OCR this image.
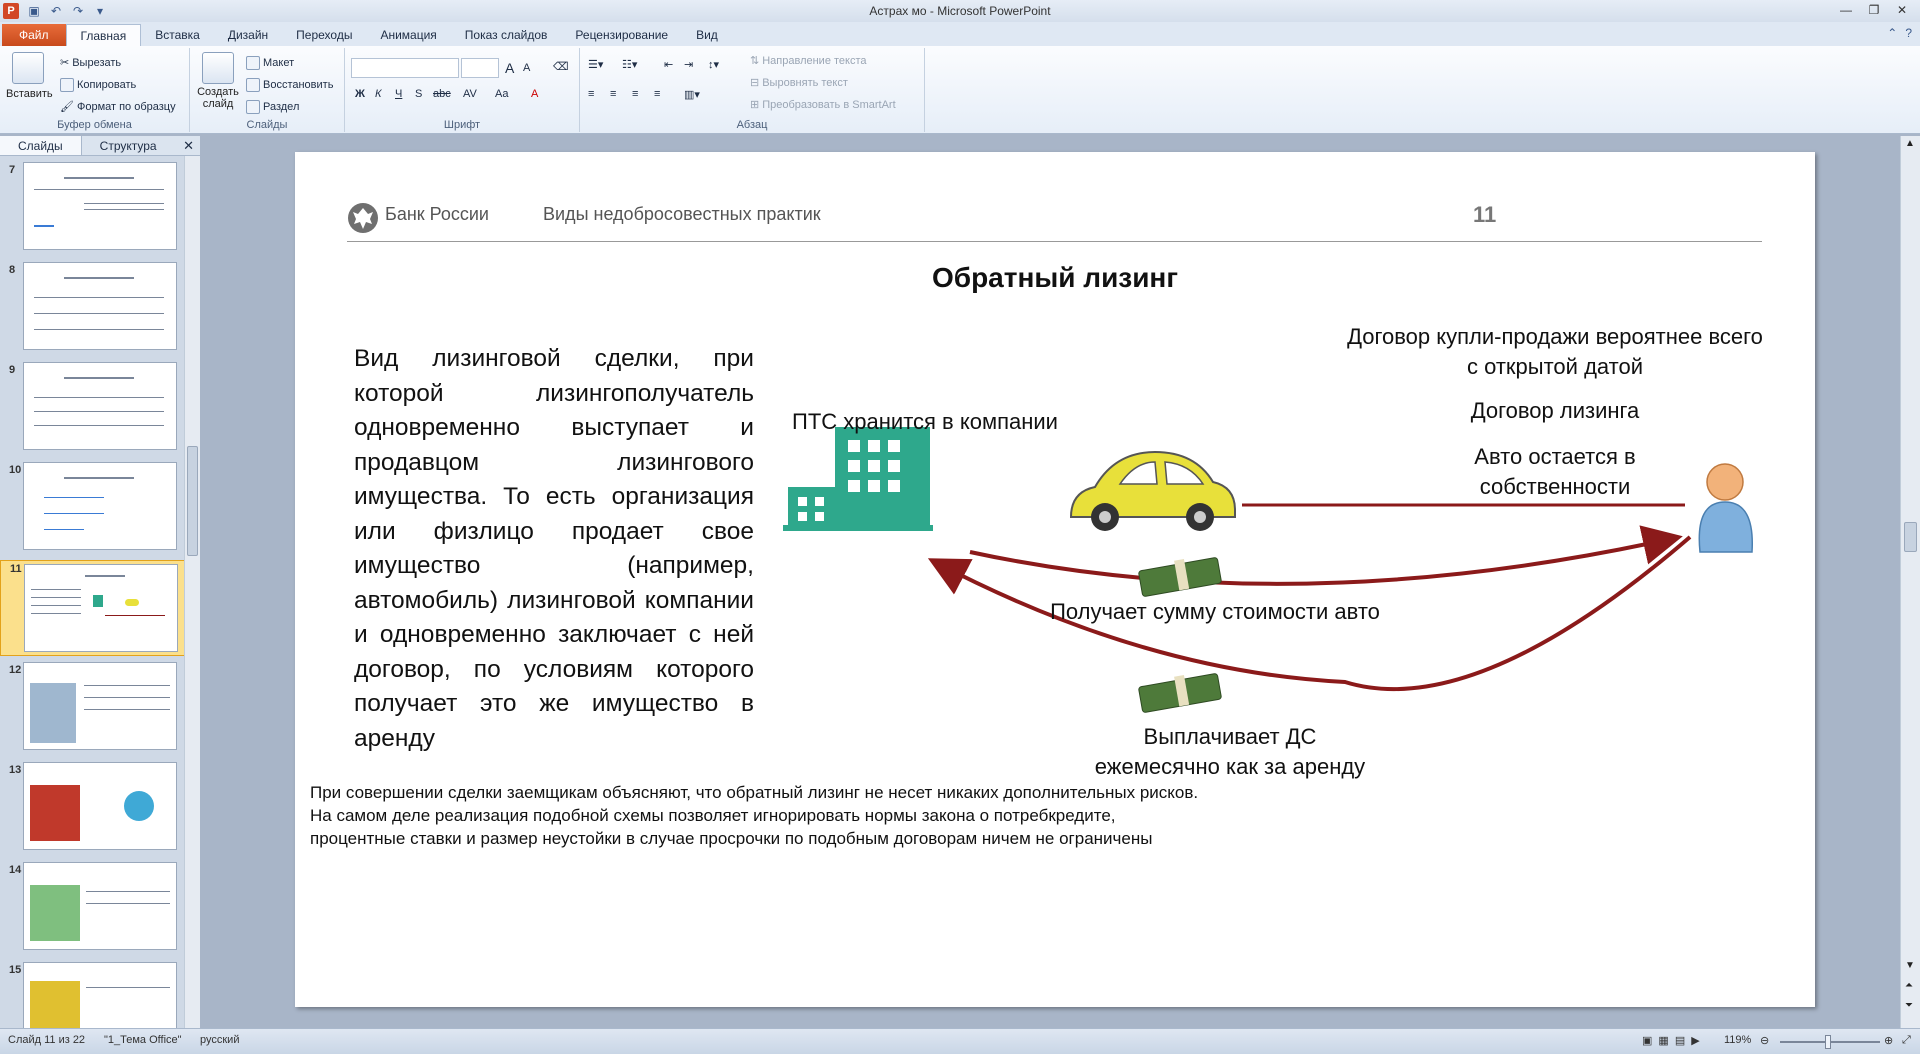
P	▣ ↶ ↷	▾	Астрах мо - Microsoft PowerPoint	—	❐	✕
Файл	Главная	Вставка	Дизайн	Переходы	Анимация	Показ слайдов	Рецензирование	Вид	⌃ ?
Вставить
✂ Вырезать
Копировать
🖌 Формат по образцу
Буфер обмена
Создать слайд
Макет
Восстановить
Раздел
Слайды
A A ⌫
Ж К Ч S abc AV Aa A
Шрифт
☰▾ ☷▾ ⇤ ⇥ ↕▾
≡ ≡ ≡ ≡ ▥▾
⇅ Направление текста
⊟ Выровнять текст
⊞ Преобразовать в SmartArt
Абзац
Слайды	Структура	✕
7
8
9
10
11
12
13
14
15
Банк России	Виды недобросовестных практик	11
Обратный лизинг
Вид лизинговой сделки, при которой лизингополучатель одновременно выступает и продавцом лизингового имущества. То есть организация или физлицо продает свое имущество (например, автомобиль) лизинговой компании и одновременно заключает с ней договор, по условиям которого получает это же имущество в аренду
ПТС хранится в компании
Договор купли-продажи вероятнее всего с открытой датой
Договор лизинга
Авто остается в собственности
Получает сумму стоимости авто
Выплачивает ДС ежемесячно как за аренду
При совершении сделки заемщикам объясняют, что обратный лизинг не несет никаких дополнительных рисков.
На самом деле реализация подобной схемы позволяет игнорировать нормы закона о потребкредите,
процентные ставки и размер неустойки в случае просрочки по подобным договорам ничем не ограничены
▲
▼
⏶
⏷
Слайд 11 из 22 "1_Тема Office" русский	▣ ▦ ▤ ▶ 119% ⊖	⊕ ⤢
